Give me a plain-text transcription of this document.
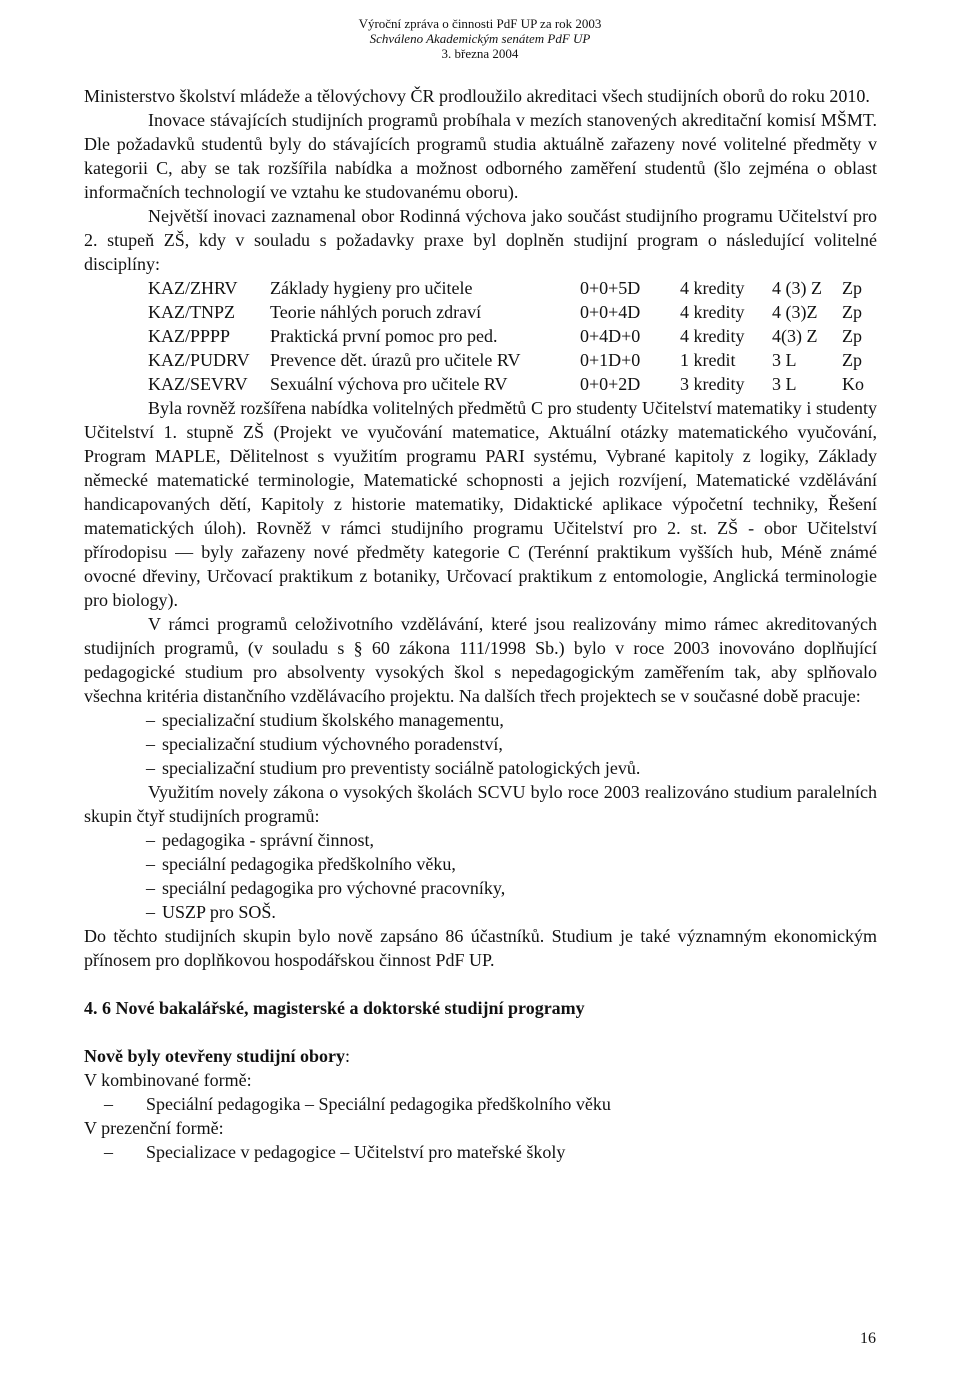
Výroční zpráva o činnosti PdF UP za rok 2003
Schváleno Akademickým senátem PdF UP
3. března 2004

Ministerstvo školství mládeže a tělovýchovy ČR prodloužilo akreditaci všech studijních oborů do roku 2010.

Inovace stávajících studijních programů probíhala v mezích stanovených akreditační komisí MŠMT. Dle požadavků studentů byly do stávajících programů studia aktuálně zařazeny nové volitelné předměty v kategorii C, aby se tak rozšířila nabídka a možnost odborného zaměření studentů (šlo zejména o oblast informačních technologií ve vztahu ke studovanému oboru).

Největší inovaci zaznamenal obor Rodinná výchova jako součást studijního programu Učitelství pro 2. stupeň ZŠ, kdy v souladu s požadavky praxe byl doplněn studijní program o následující volitelné disciplíny:

KAZ/ZHRV	Základy hygieny pro učitele	0+0+5D	4 kredity	4 (3) Z	Zp
KAZ/TNPZ	Teorie náhlých poruch zdraví	0+0+4D	4 kredity	4 (3)Z	Zp
KAZ/PPPP	Praktická první pomoc pro ped.	0+4D+0	4 kredity	4(3) Z	Zp
KAZ/PUDRV	Prevence dět. úrazů pro učitele RV	0+1D+0	1 kredit	3 L	Zp
KAZ/SEVRV	Sexuální výchova pro učitele RV	0+0+2D	3 kredity	3 L	Ko

Byla rovněž rozšířena nabídka volitelných předmětů C pro studenty Učitelství matematiky i studenty Učitelství 1. stupně ZŠ (Projekt ve vyučování matematice, Aktuální otázky matematického vyučování, Program MAPLE, Dělitelnost s využitím programu PARI systému, Vybrané kapitoly z logiky, Základy německé matematické terminologie, Matematické schopnosti a jejich rozvíjení, Matematické vzdělávání handicapovaných dětí, Kapitoly z historie matematiky, Didaktické aplikace výpočetní techniky, Řešení matematických úloh). Rovněž v rámci studijního programu Učitelství pro 2. st. ZŠ - obor Učitelství přírodopisu — byly zařazeny nové předměty kategorie C (Terénní praktikum vyšších hub, Méně známé ovocné dřeviny, Určovací praktikum z botaniky, Určovací praktikum z entomologie, Anglická terminologie pro biology).

V rámci programů celoživotního vzdělávání, které jsou realizovány mimo rámec akreditovaných studijních programů, (v souladu s § 60 zákona 111/1998 Sb.) bylo v roce 2003 inovováno doplňující pedagogické studium pro absolventy vysokých škol s nepedagogickým zaměřením tak, aby splňovalo všechna kritéria distančního vzdělávacího projektu. Na dalších třech projektech se v současné době pracuje:

– specializační studium školského managementu,
– specializační studium výchovného poradenství,
– specializační studium pro preventisty sociálně patologických jevů.

Využitím novely zákona o vysokých školách SCVU bylo roce 2003 realizováno studium paralelních skupin čtyř studijních programů:

– pedagogika - správní činnost,
– speciální pedagogika předškolního věku,
– speciální pedagogika pro výchovné pracovníky,
– USZP pro SOŠ.

Do těchto studijních skupin bylo nově zapsáno 86 účastníků. Studium je také významným ekonomickým přínosem pro doplňkovou hospodářskou činnost PdF UP.

4. 6 Nové bakalářské, magisterské a doktorské studijní programy
Nově byly otevřeny studijní obory:
V kombinované formě:
–	Speciální pedagogika – Speciální pedagogika předškolního věku
V prezenční formě:
–	Specializace v pedagogice – Učitelství pro mateřské školy
16
